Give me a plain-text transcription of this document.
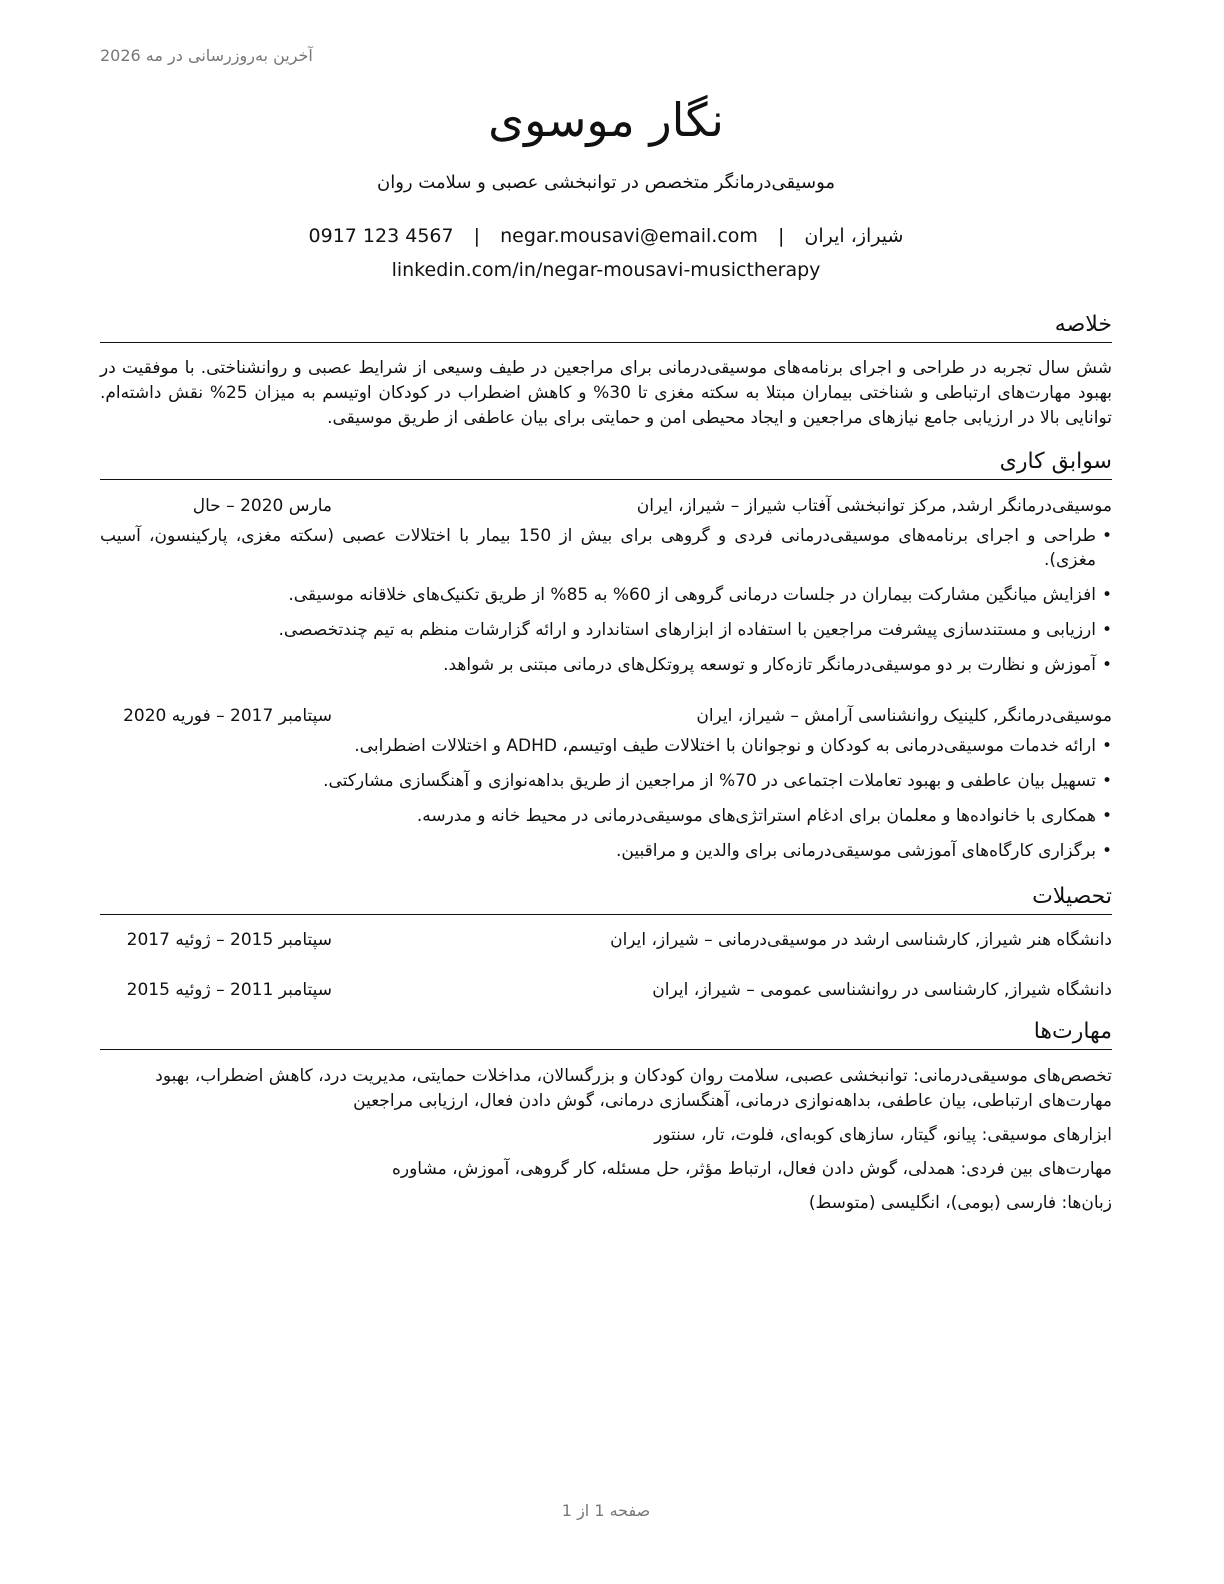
آخرین به‌روزرسانی در مه 2026
نگار موسوی
موسیقی‌درمانگر متخصص در توانبخشی عصبی و سلامت روان
شیراز، ایران | negar.mousavi@email.com | 0917 123 4567
linkedin.com/in/negar-mousavi-musictherapy
خلاصه

شش سال تجربه در طراحی و اجرای برنامه‌های موسیقی‌درمانی برای مراجعین در طیف وسیعی از شرایط عصبی و روانشناختی. با موفقیت در بهبود مهارت‌های ارتباطی و شناختی بیماران مبتلا به سکته مغزی تا 30% و کاهش اضطراب در کودکان اوتیسم به میزان 25% نقش داشته‌ام. توانایی بالا در ارزیابی جامع نیازهای مراجعین و ایجاد محیطی امن و حمایتی برای بیان عاطفی از طریق موسیقی.

سوابق کاری
موسیقی‌درمانگر ارشد, مرکز توانبخشی آفتاب شیراز – شیراز، ایران
مارس 2020 – حال
•
طراحی و اجرای برنامه‌های موسیقی‌درمانی فردی و گروهی برای بیش از 150 بیمار با اختلالات عصبی (سکته مغزی، پارکینسون، آسیب مغزی).
•
افزایش میانگین مشارکت بیماران در جلسات درمانی گروهی از 60% به 85% از طریق تکنیک‌های خلاقانه موسیقی.
•
ارزیابی و مستندسازی پیشرفت مراجعین با استفاده از ابزارهای استاندارد و ارائه گزارشات منظم به تیم چندتخصصی.
•
آموزش و نظارت بر دو موسیقی‌درمانگر تازه‌کار و توسعه پروتکل‌های درمانی مبتنی بر شواهد.
موسیقی‌درمانگر, کلینیک روانشناسی آرامش – شیراز، ایران
سپتامبر 2017 – فوریه 2020
•
ارائه خدمات موسیقی‌درمانی به کودکان و نوجوانان با اختلالات طیف اوتیسم، ADHD و اختلالات اضطرابی.
•
تسهیل بیان عاطفی و بهبود تعاملات اجتماعی در 70% از مراجعین از طریق بداهه‌نوازی و آهنگسازی مشارکتی.
•
همکاری با خانواده‌ها و معلمان برای ادغام استراتژی‌های موسیقی‌درمانی در محیط خانه و مدرسه.
•
برگزاری کارگاه‌های آموزشی موسیقی‌درمانی برای والدین و مراقبین.
تحصیلات
دانشگاه هنر شیراز, کارشناسی ارشد در موسیقی‌درمانی – شیراز، ایران
سپتامبر 2015 – ژوئیه 2017
دانشگاه شیراز, کارشناسی در روانشناسی عمومی – شیراز، ایران
سپتامبر 2011 – ژوئیه 2015
مهارت‌ها
تخصص‌های موسیقی‌درمانی: توانبخشی عصبی، سلامت روان کودکان و بزرگسالان، مداخلات حمایتی، مدیریت درد، کاهش اضطراب، بهبود مهارت‌های ارتباطی، بیان عاطفی، بداهه‌نوازی درمانی، آهنگسازی درمانی، گوش دادن فعال، ارزیابی مراجعین
ابزارهای موسیقی: پیانو، گیتار، سازهای کوبه‌ای، فلوت، تار، سنتور
مهارت‌های بین فردی: همدلی، گوش دادن فعال، ارتباط مؤثر، حل مسئله، کار گروهی، آموزش، مشاوره
زبان‌ها: فارسی (بومی)، انگلیسی (متوسط)
صفحه 1 از 1
